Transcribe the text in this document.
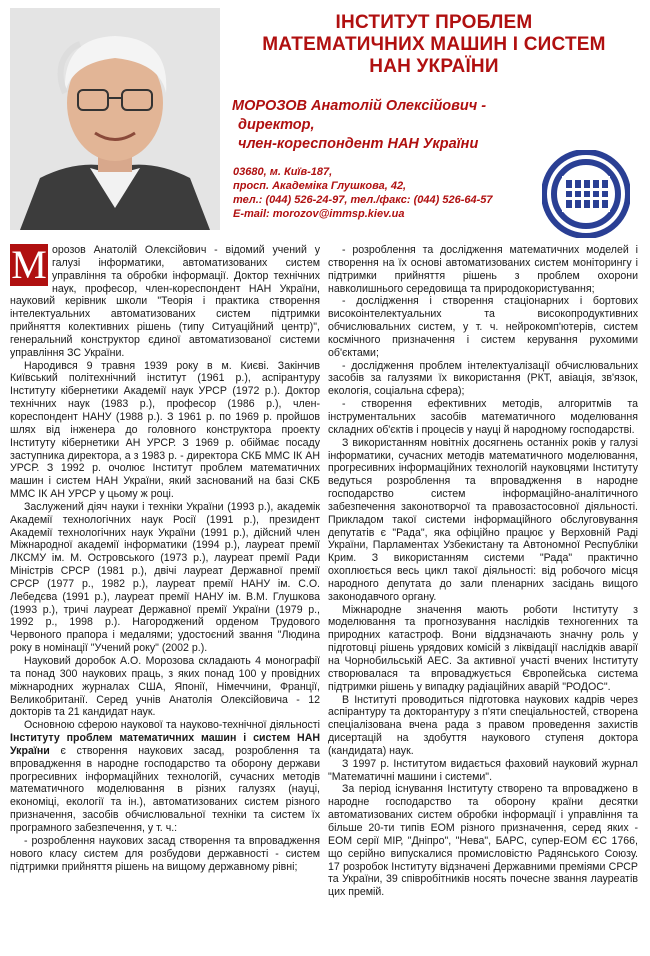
ІНСТИТУТ ПРОБЛЕМ
МАТЕМАТИЧНИХ МАШИН І СИСТЕМ
НАН УКРАЇНИ
МОРОЗОВ Анатолій Олексійович -
директор,
член-кореспондент НАН України
03680, м. Київ-187,
просп. Академіка Глушкова, 42,
тел.: (044) 526-24-97, тел./факс: (044) 526-64-57
E-mail: morozov@immsp.kiev.ua

М орозов Анатолій Олексійович - відомий учений у галузі інформатики, автоматизованих систем управління та обробки інформації. Доктор технічних наук, професор, член-кореспондент НАН України, науковий керівник школи "Теорія і практика створення інтелектуальних автоматизованих систем підтримки прийняття колективних рішень (типу Ситуаційний центр)", генеральний конструктор єдиної автоматизованої системи управління ЗС України.

Народився 9 травня 1939 року в м. Києві. Закінчив Київський політехнічний інститут (1961 р.), аспірантуру Інституту кібернетики Академії наук УРСР (1972 р.). Доктор технічних наук (1983 р.), професор (1986 р.), член-кореспондент НАНУ (1988 р.). З 1961 р. по 1969 р. пройшов шлях від інженера до головного конструктора проекту Інституту кібернетики АН УРСР. З 1969 р. обіймає посаду заступника директора, а з 1983 р. - директора СКБ ММС ІК АН УРСР. З 1992 р. очолює Інститут проблем математичних машин і систем НАН України, який заснований на базі СКБ ММС ІК АН УРСР у цьому ж році.

Заслужений діяч науки і техніки України (1993 р.), академік Академії технологічних наук Росії (1991 р.), президент Академії технологічних наук України (1991 р.), дійсний член Міжнародної академії інформатики (1994 р.), лауреат премії ЛКСМУ ім. М. Островського (1973 р.), лауреат премії Ради Міністрів СРСР (1981 р.), двічі лауреат Державної премії СРСР (1977 р., 1982 р.), лауреат премії НАНУ ім. С.О. Лебедєва (1991 р.), лауреат премії НАНУ ім. В.М. Глушкова (1993 р.), тричі лауреат Державної премії України (1979 р., 1992 р., 1998 р.). Нагороджений орденом Трудового Червоного прапора і медалями; удостоєний звання "Людина року в номінації "Учений року" (2002 р.).

Науковий доробок А.О. Морозова складають 4 монографії та понад 300 наукових праць, з яких понад 100 у провідних міжнародних журналах США, Японії, Німеччини, Франції, Великобританії. Серед учнів Анатолія Олексійовича - 12 докторів та 21 кандидат наук.

Основною сферою наукової та науково-технічної діяльності Інституту проблем математичних машин і систем НАН України є створення наукових засад, розроблення та впровадження в народне господарство та оборону держави прогресивних інформаційних технологій, сучасних методів математичного моделювання в різних галузях (науці, економіці, екології та ін.), автоматизованих систем різного призначення, засобів обчислювальної техніки та систем їх програмного забезпечення, у т. ч.:

- розроблення наукових засад створення та впровадження нового класу систем для розбудови державності - систем підтримки прийняття рішень на вищому державному рівні;

- розроблення та дослідження математичних моделей і створення на їх основі автоматизованих систем моніторингу і підтримки прийняття рішень з проблем охорони навколишнього середовища та природокористування;

- дослідження і створення стаціонарних і бортових високоінтелектуальних та високопродуктивних обчислювальних систем, у т. ч. нейрокомп'ютерів, систем космічного призначення і систем керування рухомими об'єктами;

- дослідження проблем інтелектуалізації обчислювальних засобів за галузями їх використання (РКТ, авіація, зв'язок, екологія, соціальна сфера);

- створення ефективних методів, алгоритмів та інструментальних засобів математичного моделювання складних об'єктів і процесів у науці й народному господарстві.

З використанням новітніх досягнень останніх років у галузі інформатики, сучасних методів математичного моделювання, прогресивних інформаційних технологій науковцями Інституту ведуться розроблення та впровадження в народне господарство систем інформаційно-аналітичного забезпечення законотворчої та правозастосовної діяльності. Прикладом такої системи інформаційного обслуговування депутатів є "Рада", яка офіційно працює у Верховній Раді України, Парламентах Узбекистану та Автономної Республіки Крим. З використанням системи "Рада" практично охоплюється весь цикл такої діяльності: від робочого місця народного депутата до зали пленарних засідань вищого законодавчого органу.

Міжнародне значення мають роботи Інституту з моделювання та прогнозування наслідків техногенних та природних катастроф. Вони віддзначають значну роль у підготовці рішень урядових комісій з ліквідації наслідків аварії на Чорнобильській АЕС. За активної участі вчених Інституту створювалася та впроваджується Європейська система підтримки рішень у випадку радіаційних аварій "РОДОС".

В Інституті проводиться підготовка наукових кадрів через аспірантуру та докторантуру з п'яти спеціальностей, створена спеціалізована вчена рада з правом проведення захистів дисертацій на здобуття наукового ступеня доктора (кандидата) наук.

З 1997 р. Інститутом видається фаховий науковий журнал "Математичні машини і системи".

За період існування Інституту створено та впроваджено в народне господарство та оборону країни десятки автоматизованих систем обробки інформації і управління та більше 20-ти типів ЕОМ різного призначення, серед яких - ЕОМ серії МІР, "Дніпро", "Нева", БАРС, супер-ЕОМ ЄС 1766, що серійно випускалися промисловістю Радянського Союзу. 17 розробок Інституту відзначені Державними преміями СРСР та України, 39 співробітників носять почесне звання лауреатів цих премій.
